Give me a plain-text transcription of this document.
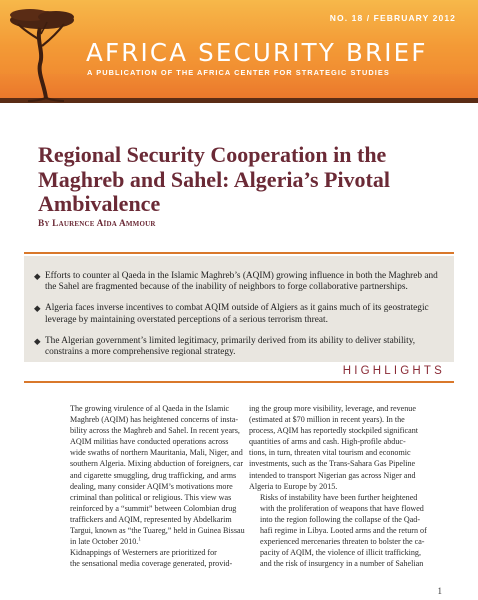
NO. 18 / FEBRUARY 2012
AFRICA SECURITY BRIEF
A PUBLICATION OF THE AFRICA CENTER FOR STRATEGIC STUDIES
Regional Security Cooperation in the Maghreb and Sahel: Algeria’s Pivotal Ambivalence
By Laurence Aïda Ammour
◆ Efforts to counter al Qaeda in the Islamic Maghreb’s (AQIM) growing influence in both the Maghreb and the Sahel are fragmented because of the inability of neighbors to forge collaborative partnerships.
◆ Algeria faces inverse incentives to combat AQIM outside of Algiers as it gains much of its geostrategic leverage by maintaining overstated perceptions of a serious terrorism threat.
◆ The Algerian government’s limited legitimacy, primarily derived from its ability to deliver stability, constrains a more comprehensive regional strategy.
HIGHLIGHTS

The growing virulence of al Qaeda in the Islamic
Maghreb (AQIM) has heightened concerns of insta-
bility across the Maghreb and Sahel. In recent years,
AQIM militias have conducted operations across
wide swaths of northern Mauritania, Mali, Niger, and
southern Algeria. Mixing abduction of foreigners, car
and cigarette smuggling, drug trafficking, and arms
dealing, many consider AQIM’s motivations more
criminal than political or religious. This view was
reinforced by a “summit” between Colombian drug
traffickers and AQIM, represented by Abdelkarim
Targui, known as “the Tuareg,” held in Guinea Bissau
in late October 2010.$^1$

Kidnappings of Westerners are prioritized for
the sensational media coverage generated, provid-

ing the group more visibility, leverage, and revenue
(estimated at $70 million in recent years). In the
process, AQIM has reportedly stockpiled significant
quantities of arms and cash. High-profile abduc-
tions, in turn, threaten vital tourism and economic
investments, such as the Trans-Sahara Gas Pipeline
intended to transport Nigerian gas across Niger and
Algeria to Europe by 2015.

Risks of instability have been further heightened
with the proliferation of weapons that have flowed
into the region following the collapse of the Qad-
hafi regime in Libya. Looted arms and the return of
experienced mercenaries threaten to bolster the ca-
pacity of AQIM, the violence of illicit trafficking,
and the risk of insurgency in a number of Sahelian

1
